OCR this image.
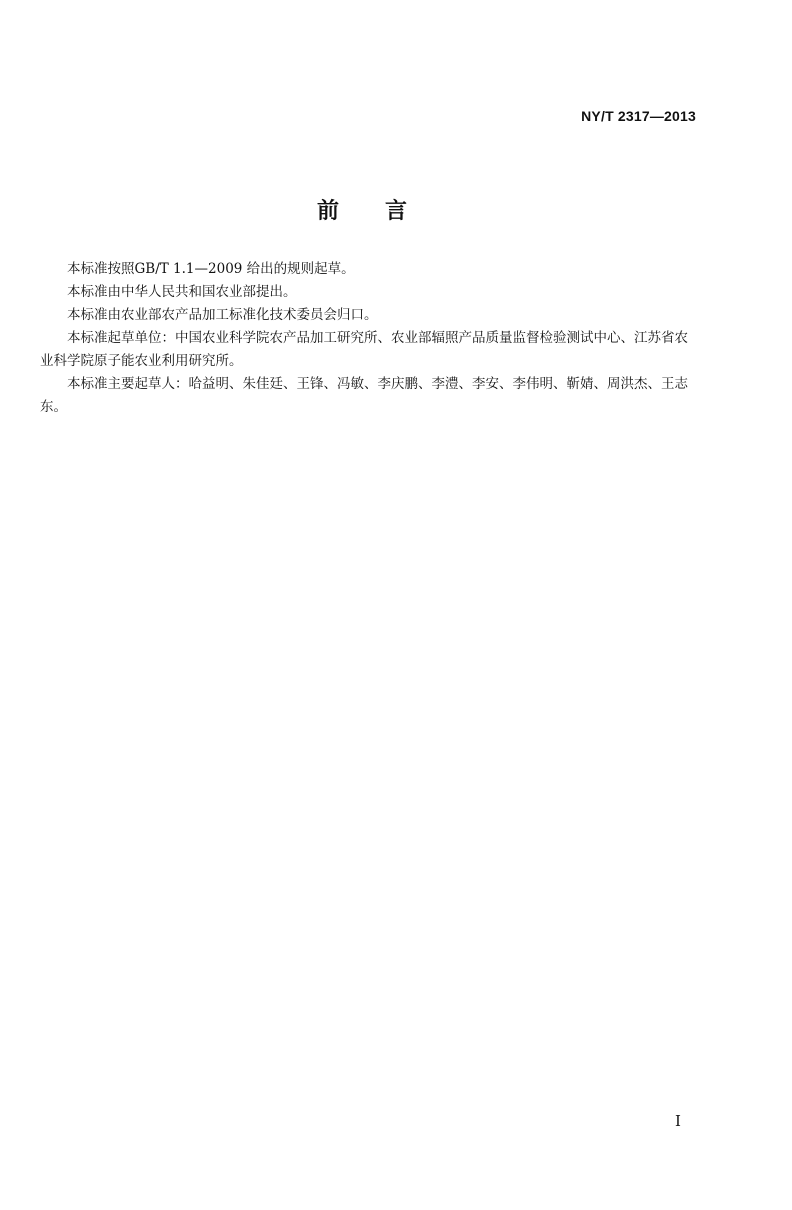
NY/T 2317—2013
前言

本标准按照GB/T 1.1—2009 给出的规则起草。

本标准由中华人民共和国农业部提出。

本标准由农业部农产品加工标准化技术委员会归口。

本标准起草单位：中国农业科学院农产品加工研究所、农业部辐照产品质量监督检验测试中心、江苏省农业科学院原子能农业利用研究所。

本标准主要起草人：哈益明、朱佳廷、王锋、冯敏、李庆鹏、李澧、李安、李伟明、靳婧、周洪杰、王志东。

I
